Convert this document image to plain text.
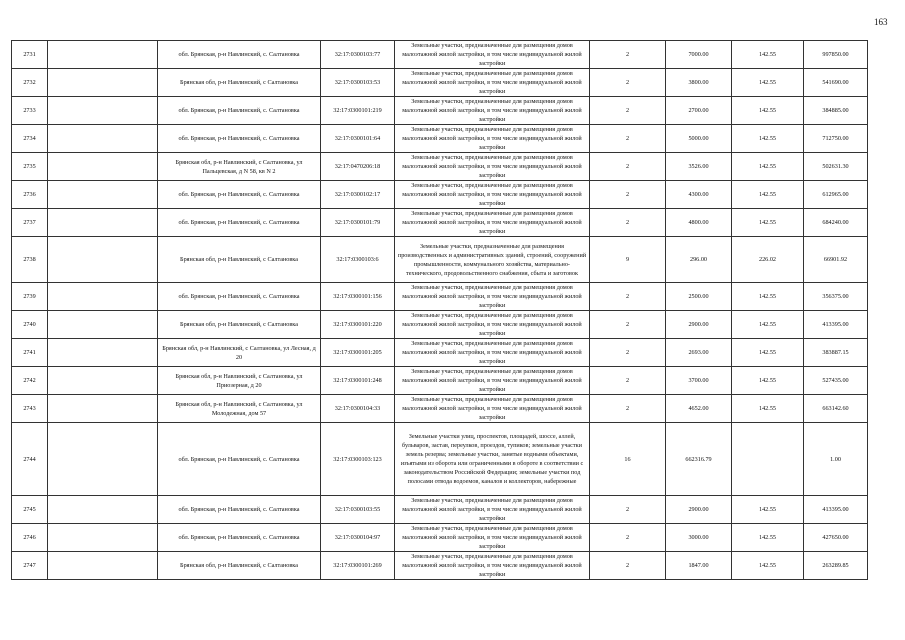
163
2731		обл. Брянская, р-н Навлинский, с. Салтановка	32:17:0300103:77	Земельные участки, предназначенные для размещения домов малоэтажной жилой застройки, в том числе индивидуальной жилой застройки	2	7000.00	142.55	997850.00
2732		Брянская обл, р-н Навлинский, с Салтановка	32:17:0300103:53	Земельные участки, предназначенные для размещения домов малоэтажной жилой застройки, в том числе индивидуальной жилой застройки	2	3800.00	142.55	541690.00
2733		обл. Брянская, р-н Навлинский, с. Салтановка	32:17:0300101:219	Земельные участки, предназначенные для размещения домов малоэтажной жилой застройки, в том числе индивидуальной жилой застройки	2	2700.00	142.55	384885.00
2734		обл. Брянская, р-н Навлинский, с. Салтановка	32:17:0300101:64	Земельные участки, предназначенные для размещения домов малоэтажной жилой застройки, в том числе индивидуальной жилой застройки	2	5000.00	142.55	712750.00
2735		Брянская обл, р-н Навлинский, с Салтановка, ул Пальцевская, д N 58, кв N 2	32:17:0470206:18	Земельные участки, предназначенные для размещения домов малоэтажной жилой застройки, в том числе индивидуальной жилой застройки	2	3526.00	142.55	502631.30
2736		обл. Брянская, р-н Навлинский, с. Салтановка	32:17:0300102:17	Земельные участки, предназначенные для размещения домов малоэтажной жилой застройки, в том числе индивидуальной жилой застройки	2	4300.00	142.55	612965.00
2737		обл. Брянская, р-н Навлинский, с. Салтановка	32:17:0300101:79	Земельные участки, предназначенные для размещения домов малоэтажной жилой застройки, в том числе индивидуальной жилой застройки	2	4800.00	142.55	684240.00
2738		Брянская обл, р-н Навлинский, с Салтановка	32:17:0300103:6	Земельные участки, предназначенные для размещения производственных и административных зданий, строений, сооружений промышленности, коммунального хозяйства, материально-технического, продовольственного снабжения, сбыта и заготовок	9	296.00	226.02	66901.92
2739		обл. Брянская, р-н Навлинский, с. Салтановка	32:17:0300101:156	Земельные участки, предназначенные для размещения домов малоэтажной жилой застройки, в том числе индивидуальной жилой застройки	2	2500.00	142.55	356375.00
2740		Брянская обл, р-н Навлинский, с Салтановка	32:17:0300101:220	Земельные участки, предназначенные для размещения домов малоэтажной жилой застройки, в том числе индивидуальной жилой застройки	2	2900.00	142.55	413395.00
2741		Брянская обл, р-н Навлинский, с Салтановка, ул Лесная, д 20	32:17:0300101:205	Земельные участки, предназначенные для размещения домов малоэтажной жилой застройки, в том числе индивидуальной жилой застройки	2	2693.00	142.55	383887.15
2742		Брянская обл, р-н Навлинский, с Салтановка, ул Приозерная, д 20	32:17:0300101:248	Земельные участки, предназначенные для размещения домов малоэтажной жилой застройки, в том числе индивидуальной жилой застройки	2	3700.00	142.55	527435.00
2743		Брянская обл, р-н Навлинский, с Салтановка, ул Молодежная, дом 57	32:17:0300104:33	Земельные участки, предназначенные для размещения домов малоэтажной жилой застройки, в том числе индивидуальной жилой застройки	2	4652.00	142.55	663142.60
2744		обл. Брянская, р-н Навлинский, с. Салтановка	32:17:0300103:123	Земельные участки улиц, проспектов, площадей, шоссе, аллей, бульваров, застав, переулков, проездов, тупиков; земельные участки земель резерва; земельные участки, занятые водными объектами, изъятыми из оборота или ограниченными в обороте в соответствии с законодательством Российской Федерации; земельные участки под полосами отвода водоемов, каналов и коллекторов, набережные	16	662316.79		1.00
2745		обл. Брянская, р-н Навлинский, с. Салтановка	32:17:0300103:55	Земельные участки, предназначенные для размещения домов малоэтажной жилой застройки, в том числе индивидуальной жилой застройки	2	2900.00	142.55	413395.00
2746		обл. Брянская, р-н Навлинский, с. Салтановка	32:17:0300104:97	Земельные участки, предназначенные для размещения домов малоэтажной жилой застройки, в том числе индивидуальной жилой застройки	2	3000.00	142.55	427650.00
2747		Брянская обл, р-н Навлинский, с Салтановка	32:17:0300101:269	Земельные участки, предназначенные для размещения домов малоэтажной жилой застройки, в том числе индивидуальной жилой застройки	2	1847.00	142.55	263289.85
